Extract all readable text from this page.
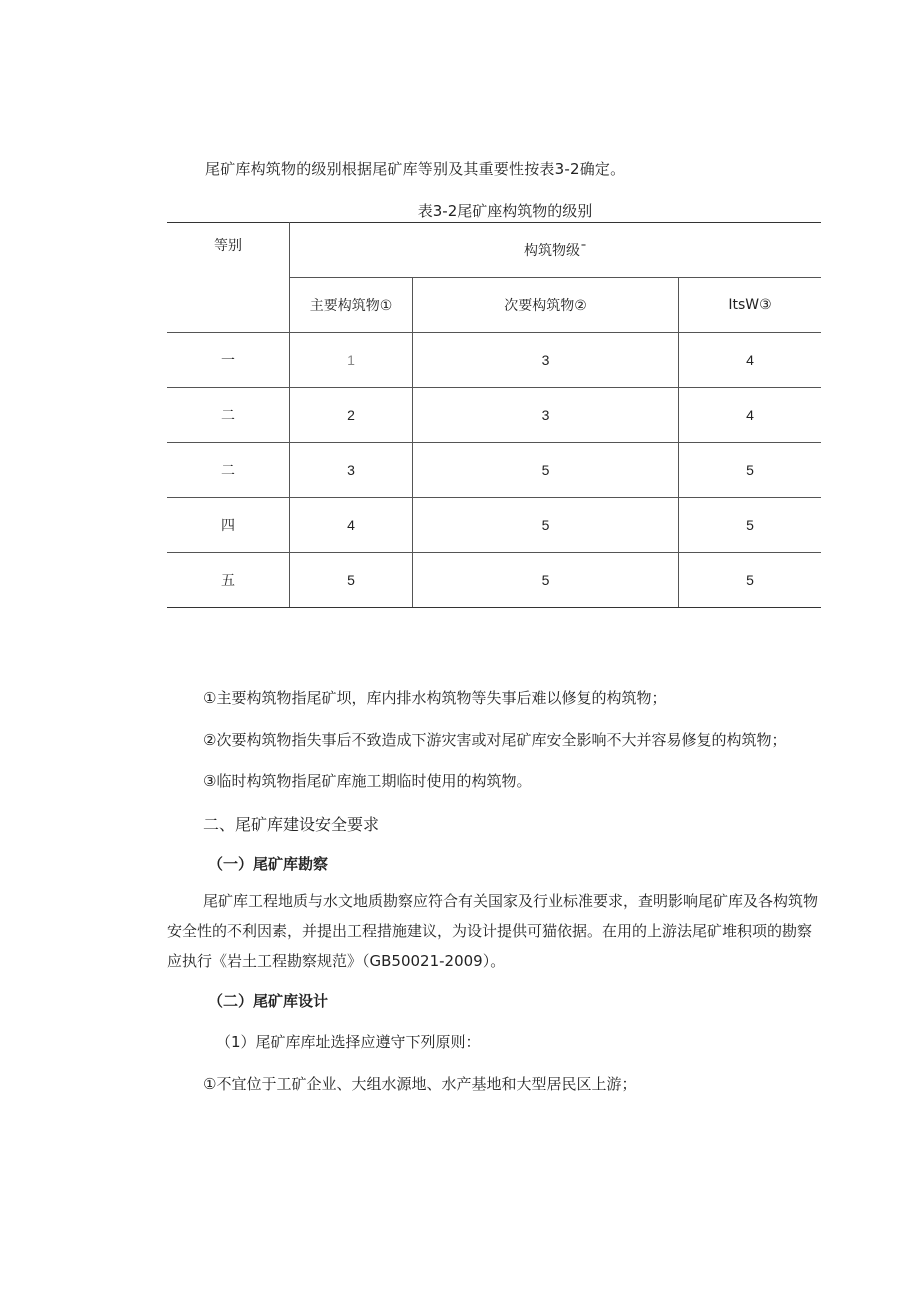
尾矿库构筑物的级别根据尾矿库等别及其重要性按表3-2确定。
表3-2尾矿座构筑物的级别
等别	构筑物级ˉ		
	主要构筑物①	次要构筑物②	ItsW③
一	1	3	4
二	2	3	4
二	3	5	5
四	4	5	5
五	5	5	5
①主要构筑物指尾矿坝，库内排水构筑物等失事后难以修复的构筑物；
②次要构筑物指失事后不致造成下游灾害或对尾矿库安全影响不大并容易修复的构筑物；
③临时构筑物指尾矿库施工期临时使用的构筑物。
二、尾矿库建设安全要求
（一）尾矿库勘察
尾矿库工程地质与水文地质勘察应符合有关国家及行业标准要求，查明影响尾矿库及各构筑物安全性的不利因素，并提出工程措施建议，为设计提供可猫依据。在用的上游法尾矿堆积项的勘察应执行《岩土工程勘察规范》（GB50021-2009）。
（二）尾矿库设计
（1）尾矿库库址选择应遵守下列原则：
①不宜位于工矿企业、大组水源地、水产基地和大型居民区上游；
